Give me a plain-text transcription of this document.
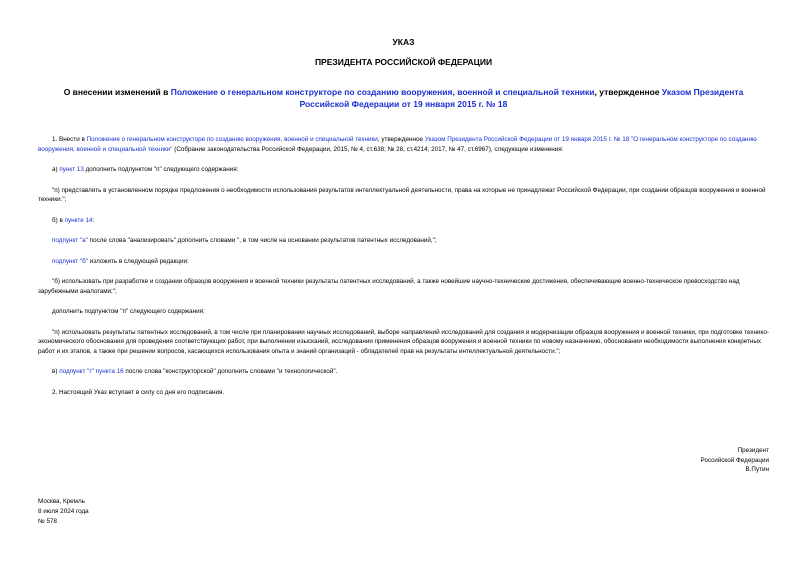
УКАЗ
ПРЕЗИДЕНТА РОССИЙСКОЙ ФЕДЕРАЦИИ
О внесении изменений в Положение о генеральном конструкторе по созданию вооружения, военной и специальной техники, утвержденное Указом Президента Российской Федерации от 19 января 2015 г. № 18

1. Внести в Положение о генеральном конструкторе по созданию вооружения, военной и специальной техники, утвержденное Указом Президента Российской Федерации от 19 января 2015 г. № 18 "О генеральном конструкторе по созданию вооружения, военной и специальной техники" (Собрание законодательства Российской Федерации, 2015, № 4, ст.638; № 28, ст.4214; 2017, № 47, ст.6967), следующие изменения:

а) пункт 13 дополнить подпунктом "п" следующего содержания:

"п) представлять в установленном порядке предложения о необходимости использования результатов интеллектуальной деятельности, права на которые не принадлежат Российской Федерации, при создании образцов вооружения и военной техники.";

б) в пункте 14:

подпункт "а" после слова "анализировать" дополнить словами ", в том числе на основании результатов патентных исследований,";

подпункт "б" изложить в следующей редакции:

"б) использовать при разработке и создании образцов вооружения и военной техники результаты патентных исследований, а также новейшие научно-технические достижения, обеспечивающие военно-техническое превосходство над зарубежными аналогами;";

дополнить подпунктом "п" следующего содержания:

"п) использовать результаты патентных исследований, в том числе при планировании научных исследований, выборе направлений исследований для создания и модернизации образцов вооружения и военной техники, при подготовке технико-экономического обоснования для проведения соответствующих работ, при выполнении изысканий, исследовании применения образцов вооружения и военной техники по новому назначению, обосновании необходимости выполнения конкретных работ и их этапов, а также при решении вопросов, касающихся использования опыта и знаний организаций - обладателей прав на результаты интеллектуальной деятельности.";

в) подпункт "г" пункта 16 после слова "конструкторской" дополнить словами "и технологической".

2. Настоящий Указ вступает в силу со дня его подписания.

Президент
Российской Федерации
В.Путин
Москва, Кремль
8 июля 2024 года
№ 578
